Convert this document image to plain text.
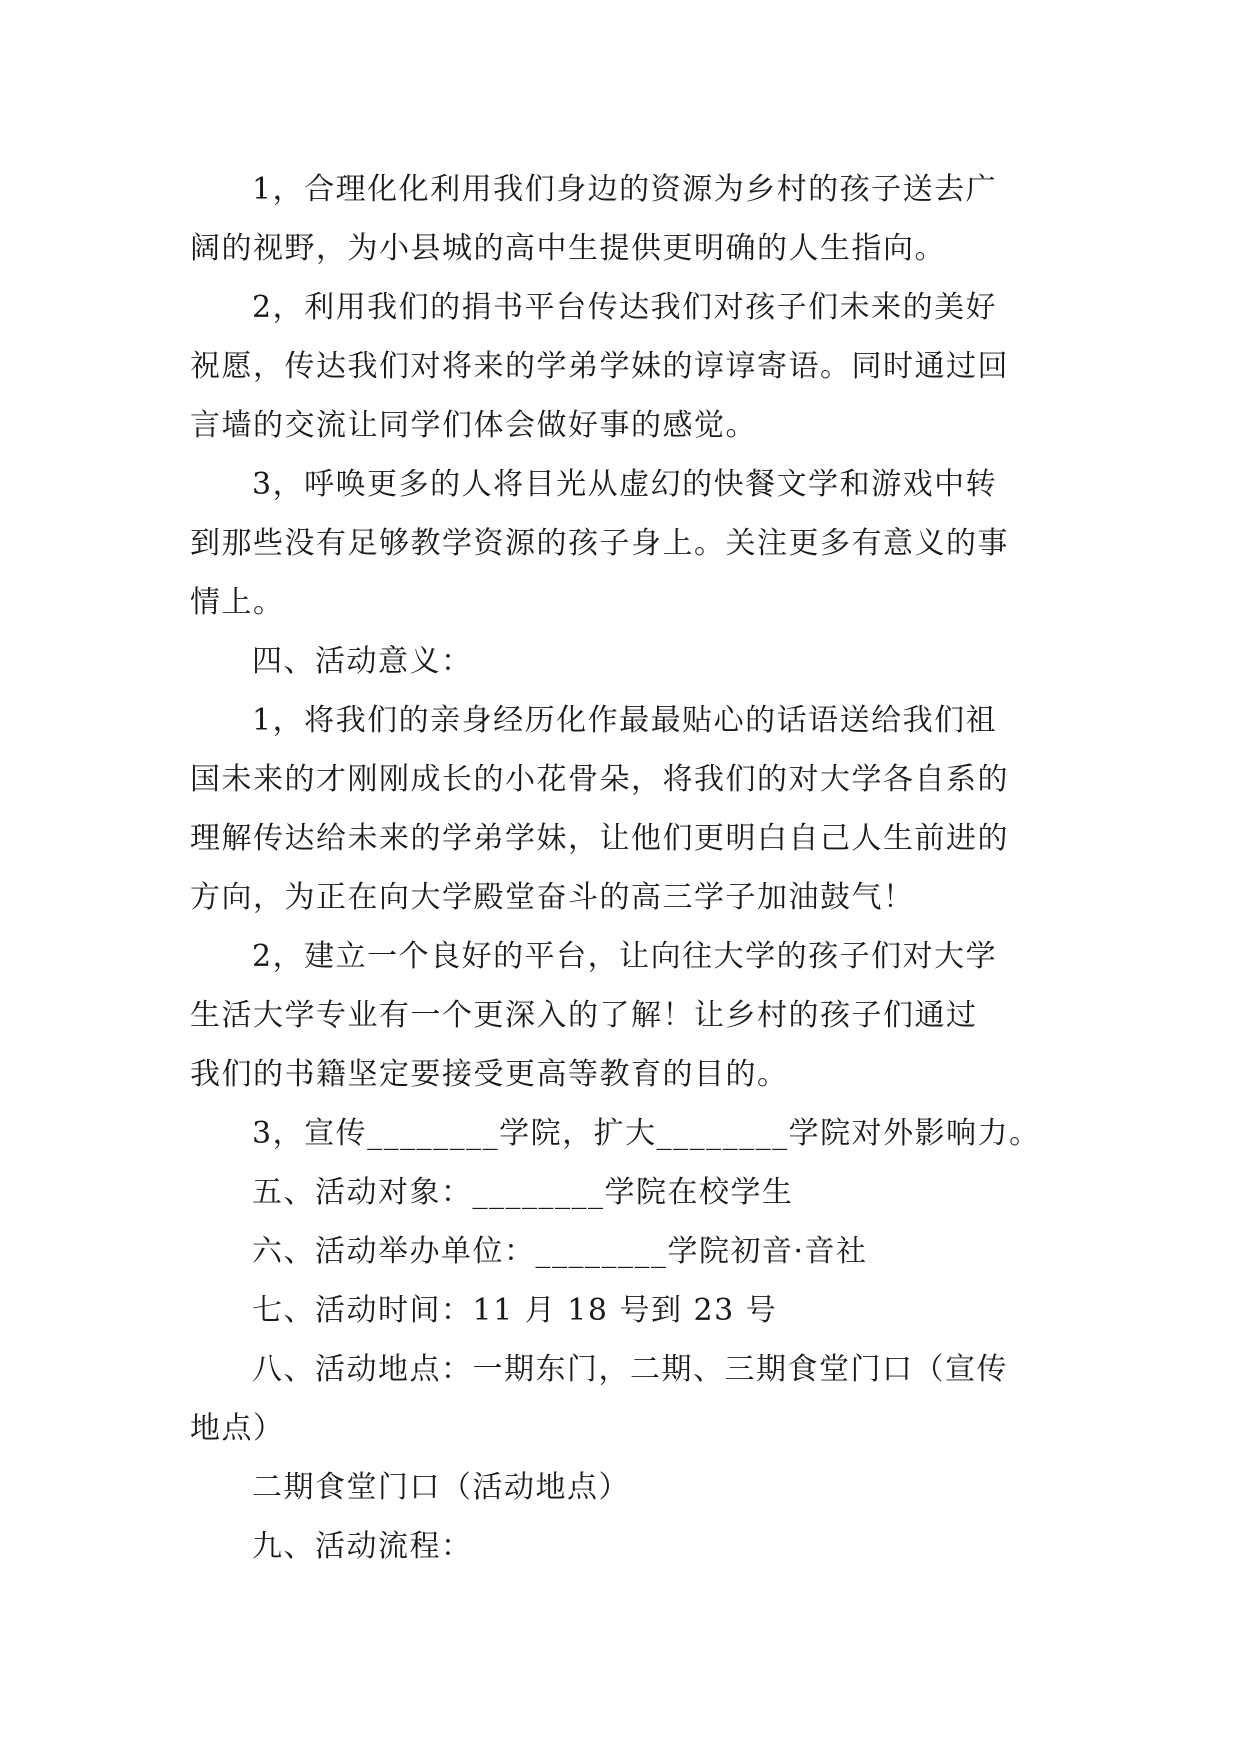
1，合理化化利用我们身边的资源为乡村的孩子送去广
阔的视野，为小县城的高中生提供更明确的人生指向。
2，利用我们的捐书平台传达我们对孩子们未来的美好
祝愿，传达我们对将来的学弟学妹的谆谆寄语。同时通过回
言墙的交流让同学们体会做好事的感觉。
3，呼唤更多的人将目光从虚幻的快餐文学和游戏中转
到那些没有足够教学资源的孩子身上。关注更多有意义的事
情上。
四、活动意义：
1，将我们的亲身经历化作最最贴心的话语送给我们祖
国未来的才刚刚成长的小花骨朵，将我们的对大学各自系的
理解传达给未来的学弟学妹，让他们更明白自己人生前进的
方向，为正在向大学殿堂奋斗的高三学子加油鼓气！
2，建立一个良好的平台，让向往大学的孩子们对大学
生活大学专业有一个更深入的了解！让乡村的孩子们通过
我们的书籍坚定要接受更高等教育的目的。
3，宣传________学院，扩大________学院对外影响力。
五、活动对象：________学院在校学生
六、活动举办单位：________学院初音·音社
七、活动时间：11 月 18 号到 23 号
八、活动地点：一期东门，二期、三期食堂门口（宣传
地点）
二期食堂门口（活动地点）
九、活动流程：
